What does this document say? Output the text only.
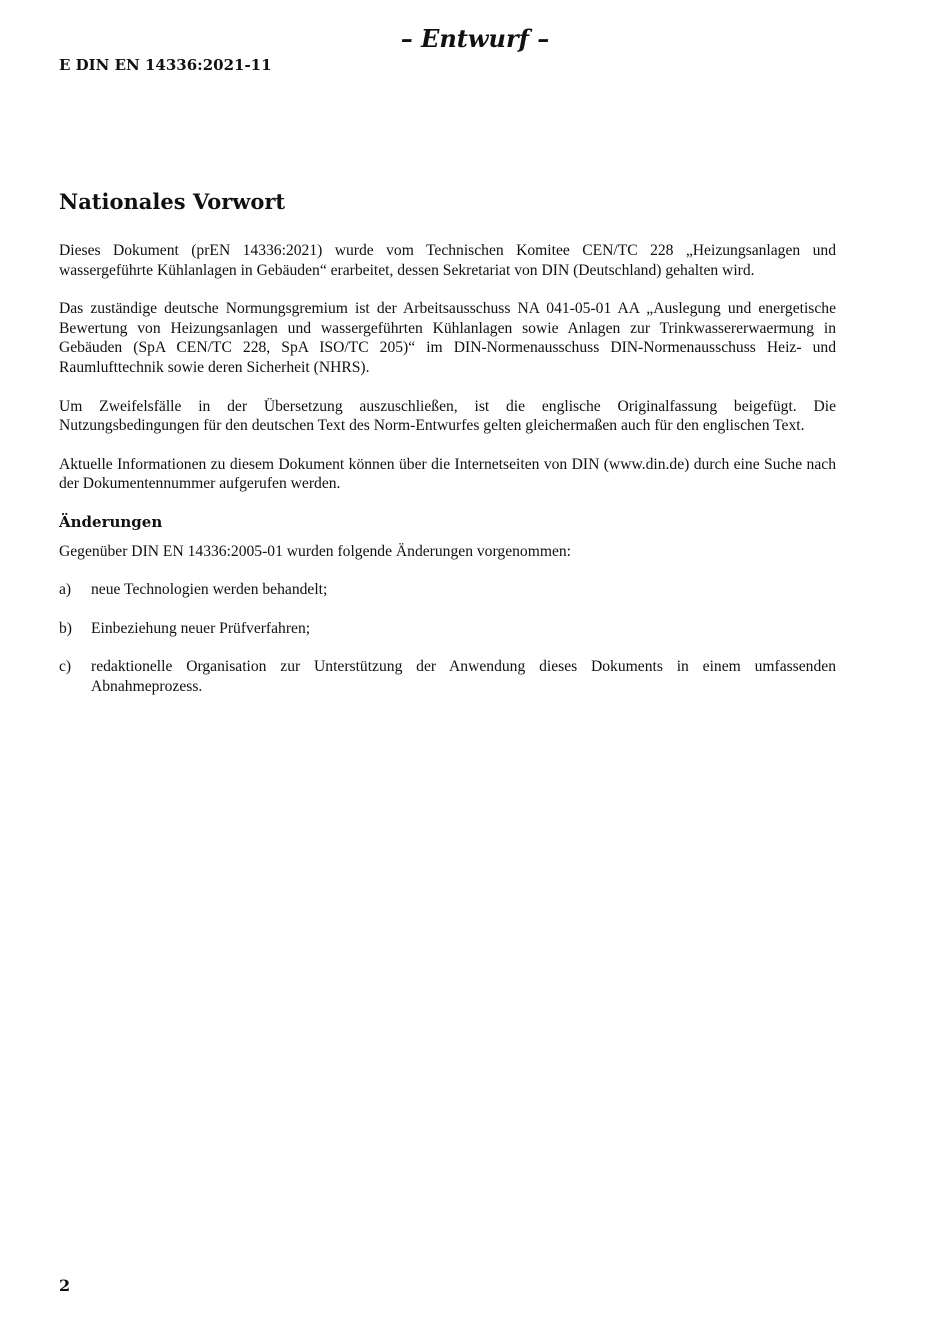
– Entwurf –
E DIN EN 14336:2021-11
Nationales Vorwort

Dieses Dokument (prEN 14336:2021) wurde vom Technischen Komitee CEN/TC 228 „Heizungsanlagen und wassergeführte Kühlanlagen in Gebäuden“ erarbeitet, dessen Sekretariat von DIN (Deutschland) gehalten wird.

Das zuständige deutsche Normungsgremium ist der Arbeitsausschuss NA 041-05-01 AA „Auslegung und energetische Bewertung von Heizungsanlagen und wassergeführten Kühlanlagen sowie Anlagen zur Trinkwassererwaermung in Gebäuden (SpA CEN/TC 228, SpA ISO/TC 205)“ im DIN-Normenausschuss DIN-Normenausschuss Heiz- und Raumlufttechnik sowie deren Sicherheit (NHRS).

Um Zweifelsfälle in der Übersetzung auszuschließen, ist die englische Originalfassung beigefügt. Die Nutzungsbedingungen für den deutschen Text des Norm-Entwurfes gelten gleichermaßen auch für den englischen Text.

Aktuelle Informationen zu diesem Dokument können über die Internetseiten von DIN (www.din.de) durch eine Suche nach der Dokumentennummer aufgerufen werden.

Änderungen

Gegenüber DIN EN 14336:2005-01 wurden folgende Änderungen vorgenommen:

a)	neue Technologien werden behandelt;
b)	Einbeziehung neuer Prüfverfahren;
c)	redaktionelle Organisation zur Unterstützung der Anwendung dieses Dokuments in einem umfassenden Abnahmeprozess.
2
